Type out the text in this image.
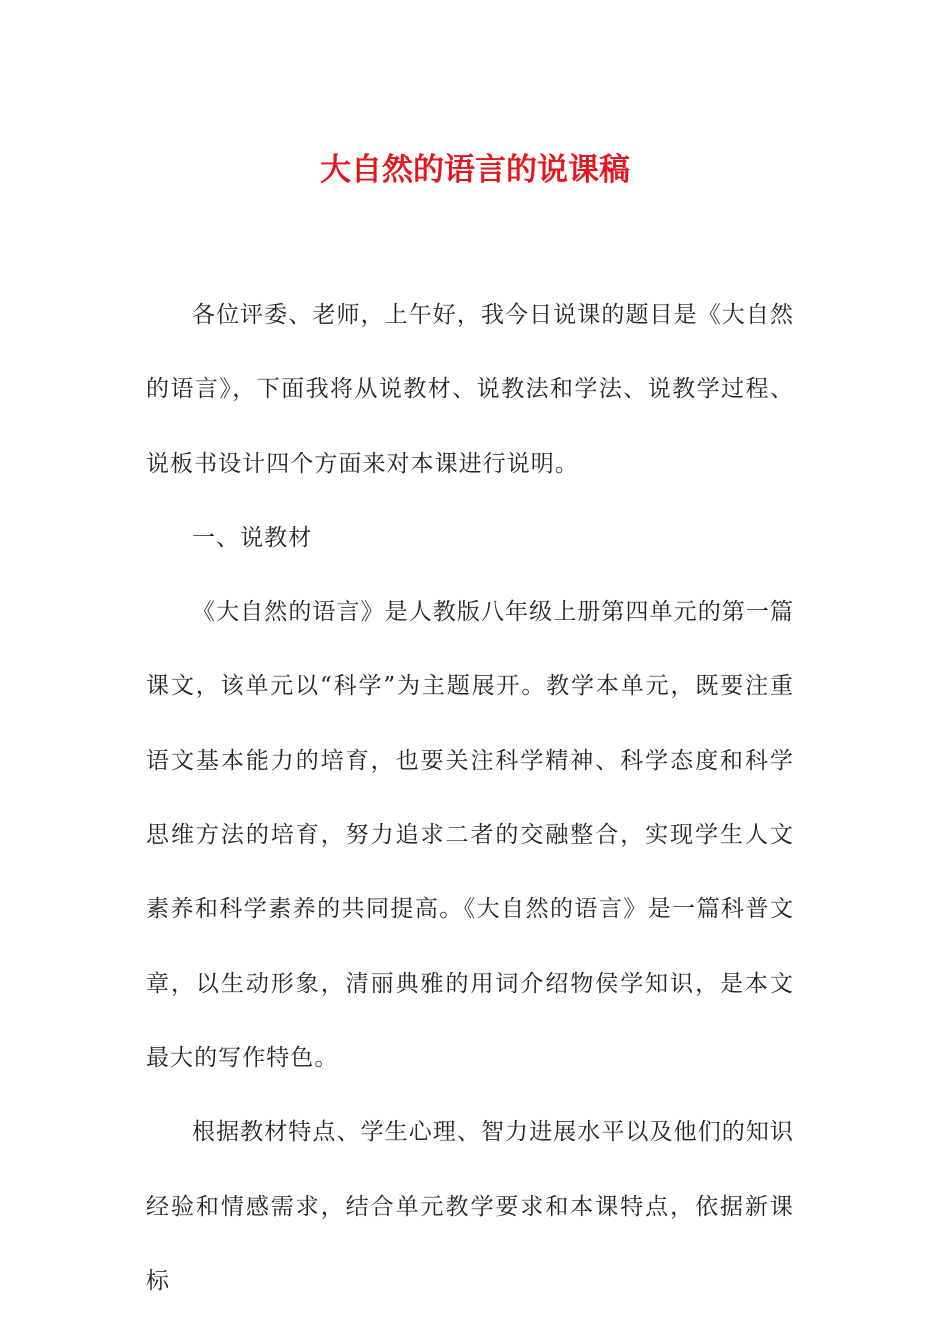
大自然的语言的说课稿

各位评委、老师，上午好，我今日说课的题目是《大自然的语言》，下面我将从说教材、说教法和学法、说教学过程、说板书设计四个方面来对本课进行说明。

一、说教材

《大自然的语言》是人教版八年级上册第四单元的第一篇课文，该单元以“科学”为主题展开。教学本单元，既要注重语文基本能力的培育，也要关注科学精神、科学态度和科学思维方法的培育，努力追求二者的交融整合，实现学生人文素养和科学素养的共同提高。《大自然的语言》是一篇科普文章，以生动形象，清丽典雅的用词介绍物侯学知识，是本文最大的写作特色。

根据教材特点、学生心理、智力进展水平以及他们的知识经验和情感需求，结合单元教学要求和本课特点，依据新课标
